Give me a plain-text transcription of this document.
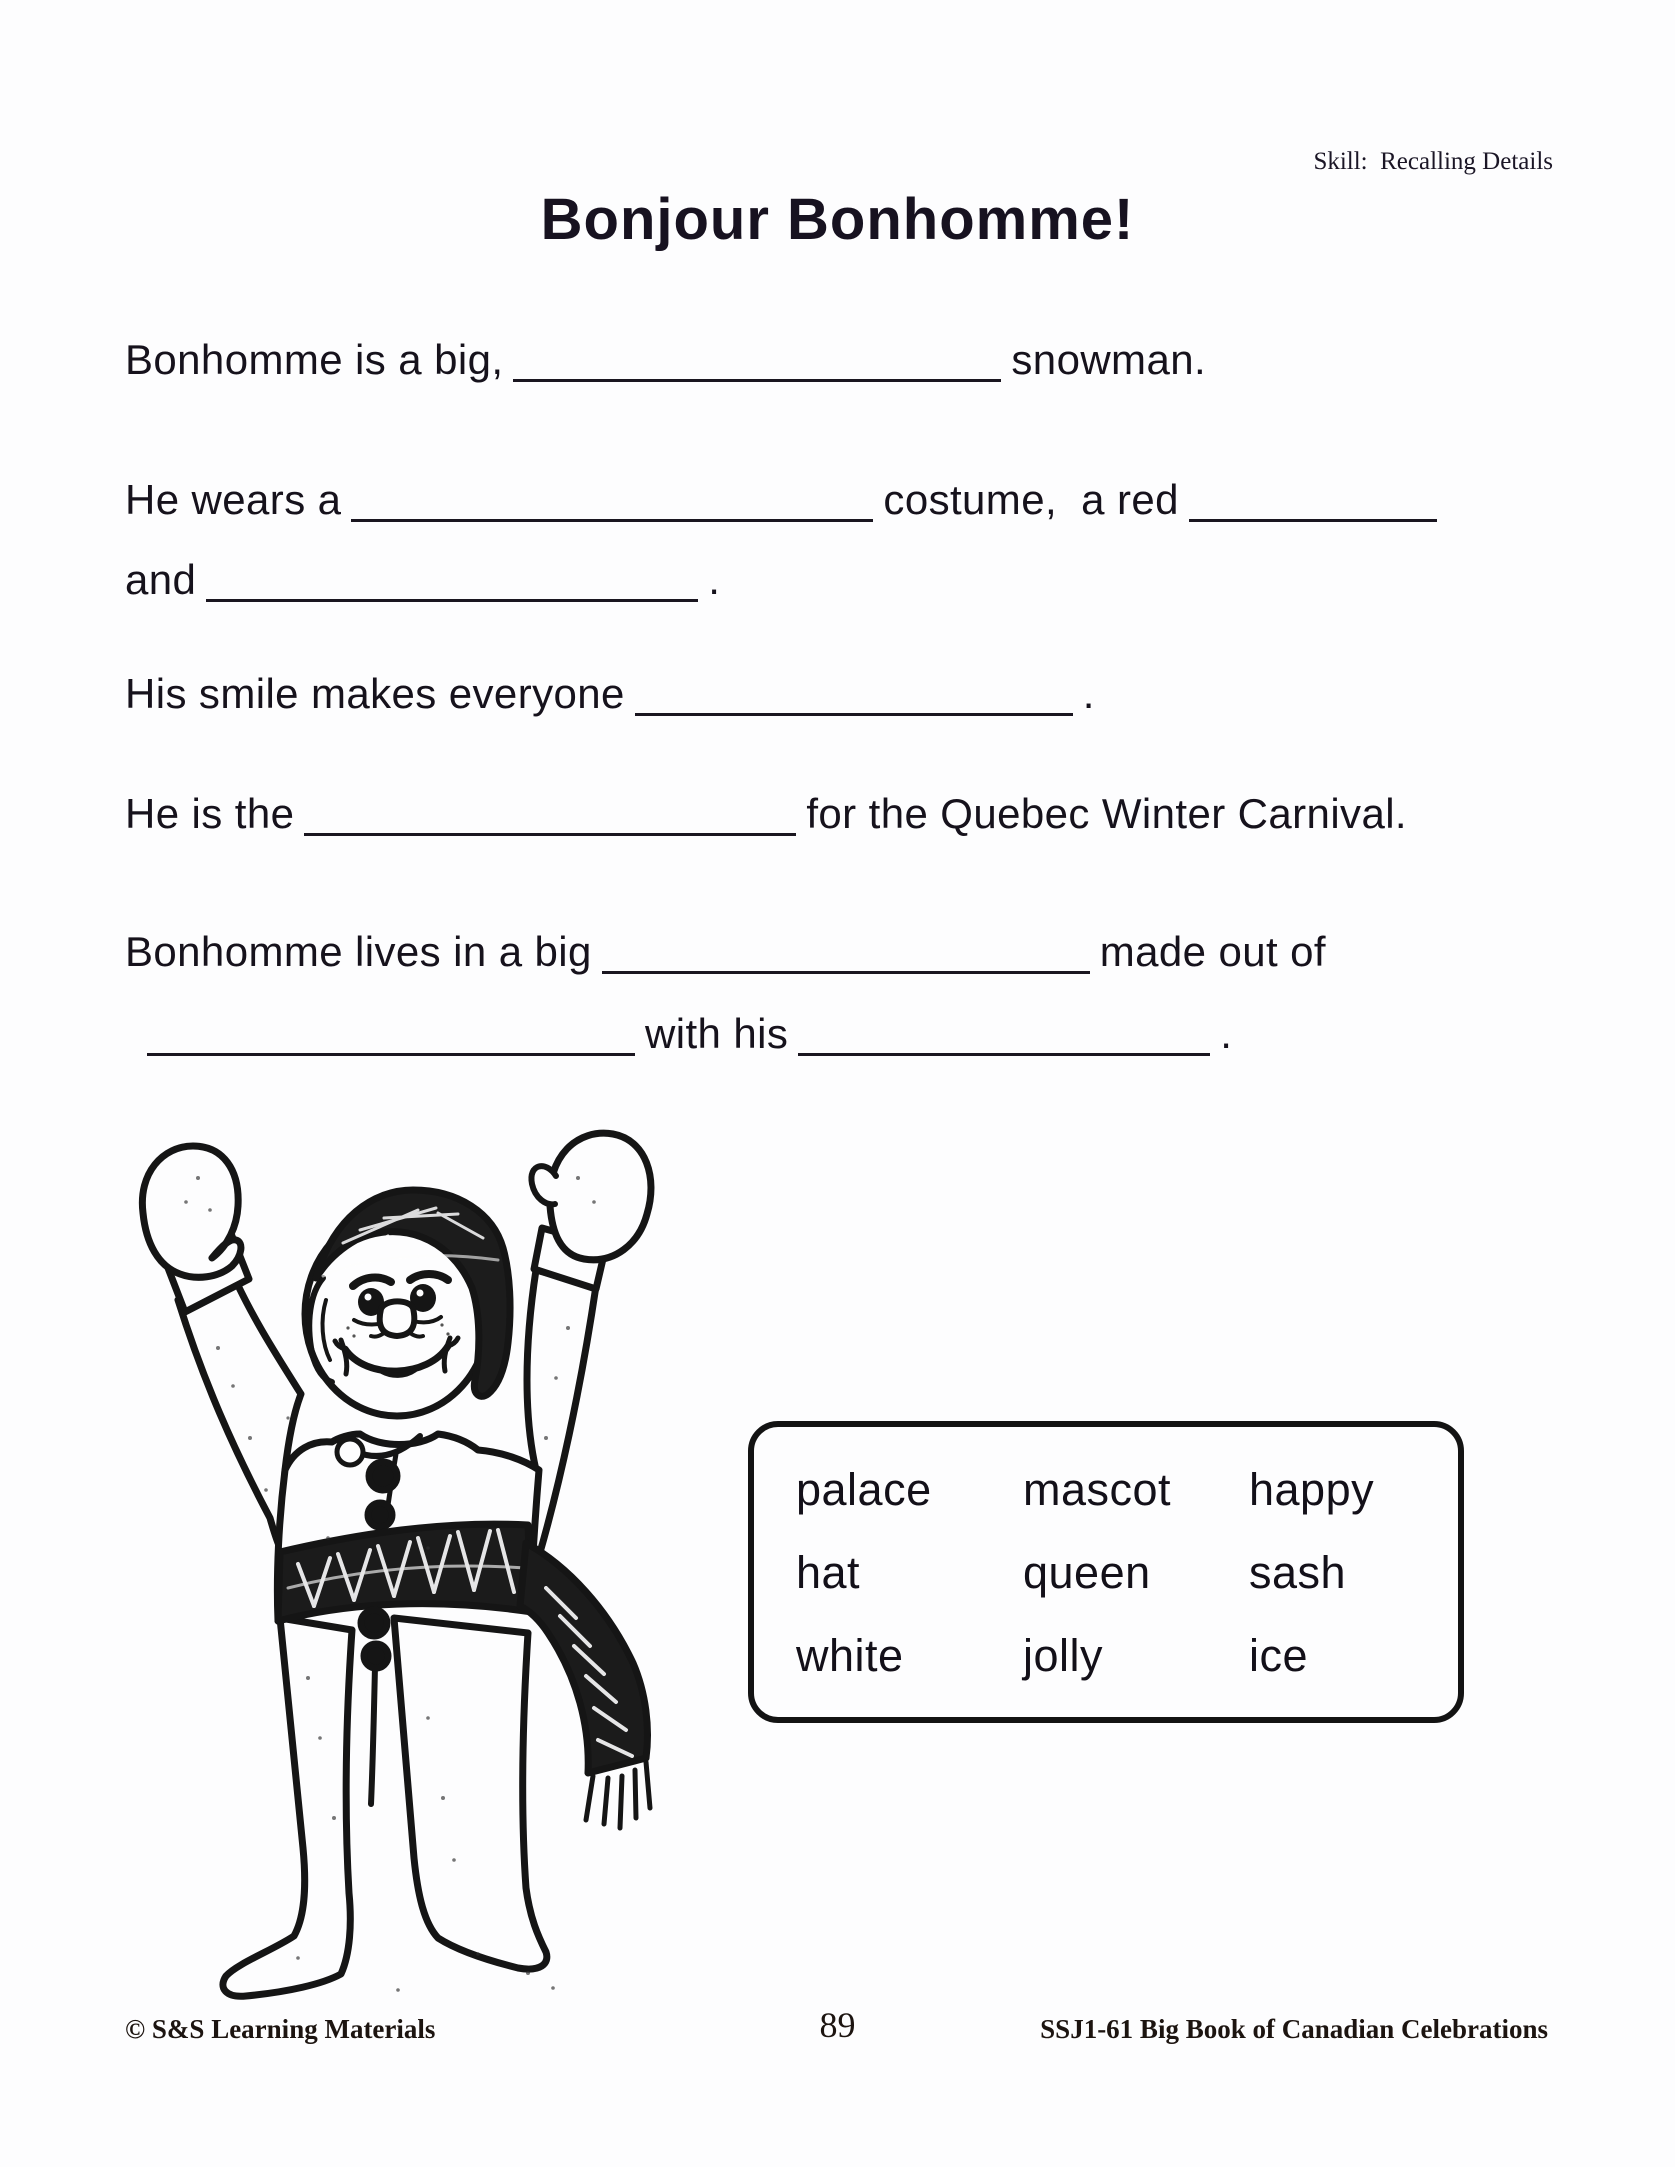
Skill:  Recalling Details
Bonjour Bonhomme!
Bonhomme is a big,	snowman.
He wears a	costume,  a red
and	.
His smile makes everyone	.
He is the	for the Quebec Winter Carnival.
Bonhomme lives in a big	made out of
with his	.
palace	mascot	happy
hat	queen	sash
white	jolly	ice
© S&S Learning Materials	89	SSJ1-61 Big Book of Canadian Celebrations
